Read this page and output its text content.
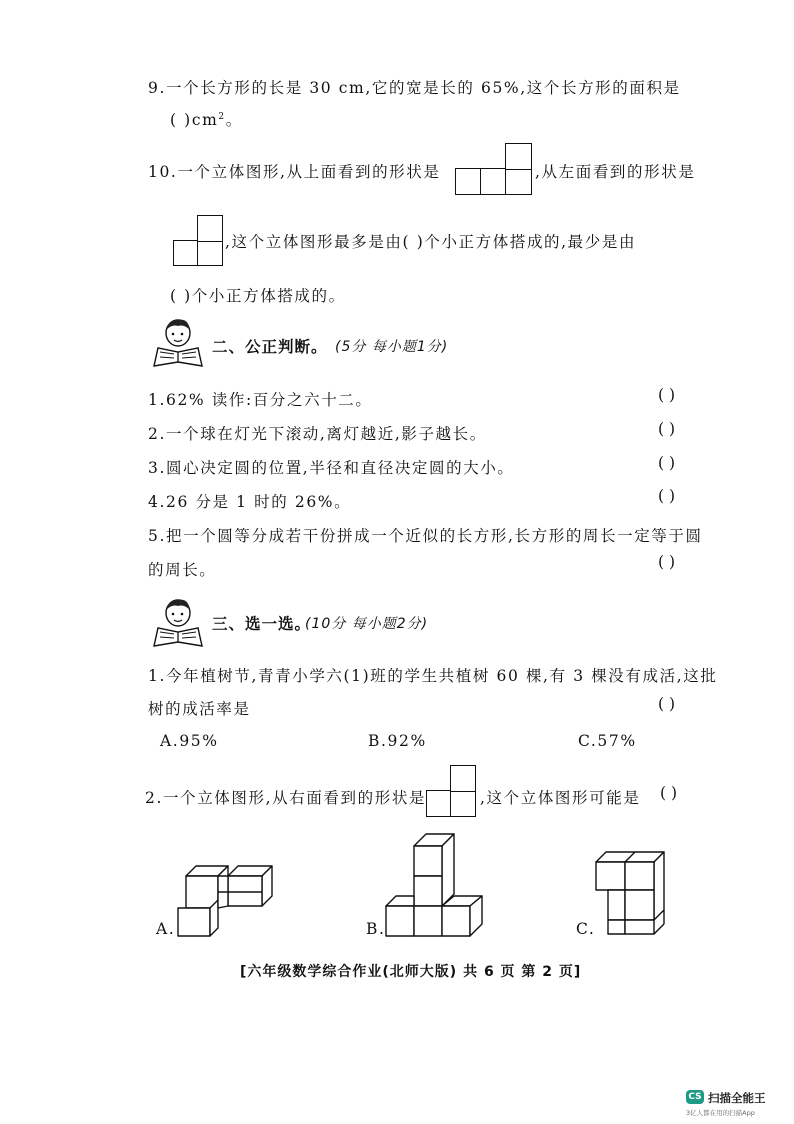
9.一个长方形的长是 30 cm,它的宽是长的 65%,这个长方形的面积是
( )$cm^2$。
10.一个立体图形,从上面看到的形状是	,从左面看到的形状是
,这个立体图形最多是由( )个小正方体搭成的,最少是由
( )个小正方体搭成的。
二、公正判断。 (5分 每小题1分)
1.62% 读作:百分之六十二。	( )
2.一个球在灯光下滚动,离灯越近,影子越长。	( )
3.圆心决定圆的位置,半径和直径决定圆的大小。	( )
4.26 分是 1 时的 26%。	( )
5.把一个圆等分成若干份拼成一个近似的长方形,长方形的周长一定等于圆
的周长。	( )
三、选一选。
(10分 每小题2分)
1.今年植树节,青青小学六(1)班的学生共植树 60 棵,有 3 棵没有成活,这批
树的成活率是	( )
A.95%	B.92%	C.57%
2.一个立体图形,从右面看到的形状是	,这个立体图形可能是 ( )
A.	B.	C.
[六年级数学综合作业(北师大版) 共 6 页 第 2 页]
CS 扫描全能王
3亿人都在用的扫描App
